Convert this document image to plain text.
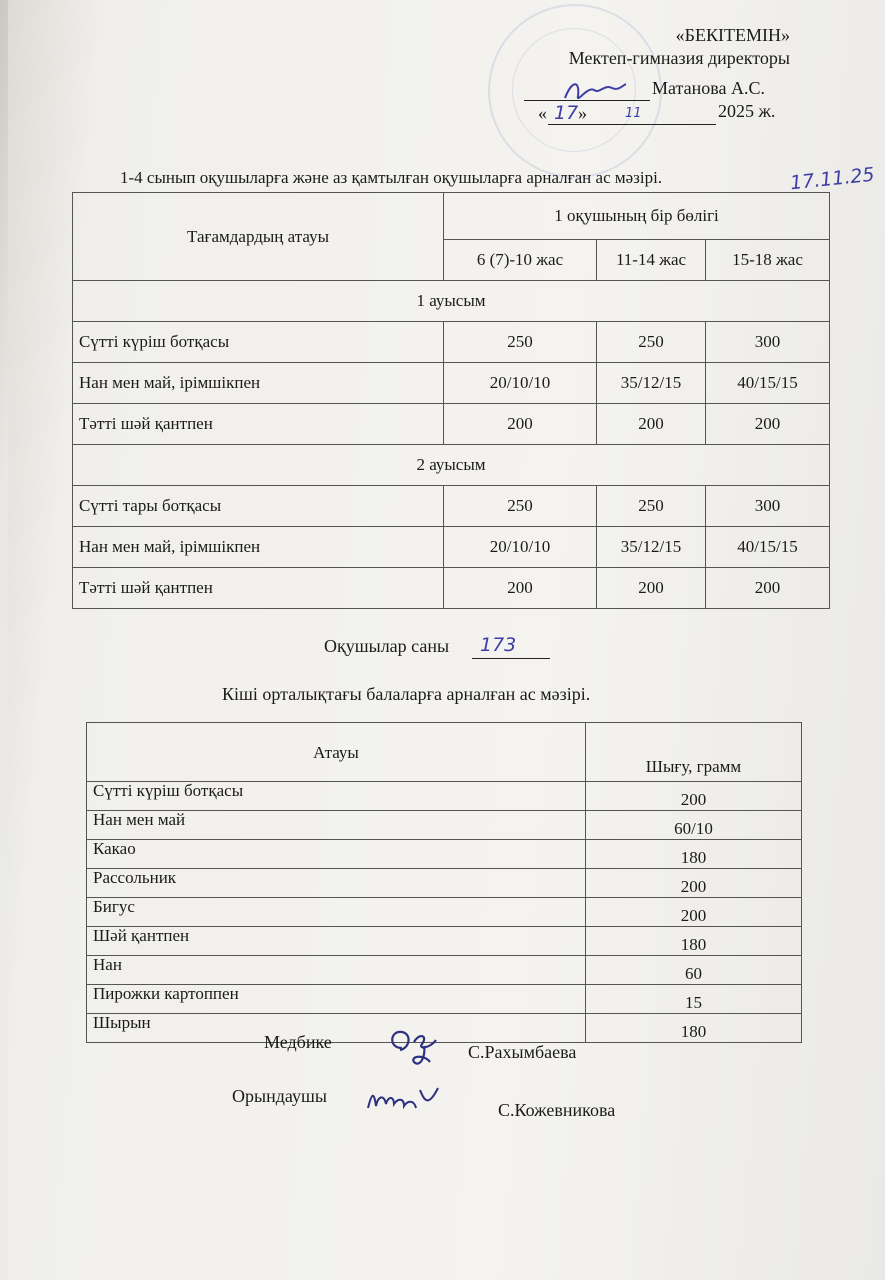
«БЕКІТЕМІН»
Мектеп-гимназия директоры
Матанова А.С.
« 17 »	11	2025 ж.
1-4 сынып оқушыларға және аз қамтылған оқушыларға арналған ас мәзірі.	17.11.25
Тағамдардың атауы	1 оқушының бір бөлігі		
	6 (7)-10 жас	11-14 жас	15-18 жас
1 ауысым			
Сүтті күріш ботқасы	250	250	300
Нан мен май, ірімшікпен	20/10/10	35/12/15	40/15/15
Тәтті шәй қантпен	200	200	200
2 ауысым			
Сүтті тары ботқасы	250	250	300
Нан мен май, ірімшікпен	20/10/10	35/12/15	40/15/15
Тәтті шәй қантпен	200	200	200
Оқушылар саны 173
Кіші орталықтағы балаларға арналған ас мәзірі.
Атауы	Шығу, грамм
Сүтті күріш ботқасы	200
Нан мен май	60/10
Какао	180
Рассольник	200
Бигус	200
Шәй қантпен	180
Нан	60
Пирожки картоппен	15
Шырын	180
Медбике	С.Рахымбаева
Орындаушы
С.Кожевникова
